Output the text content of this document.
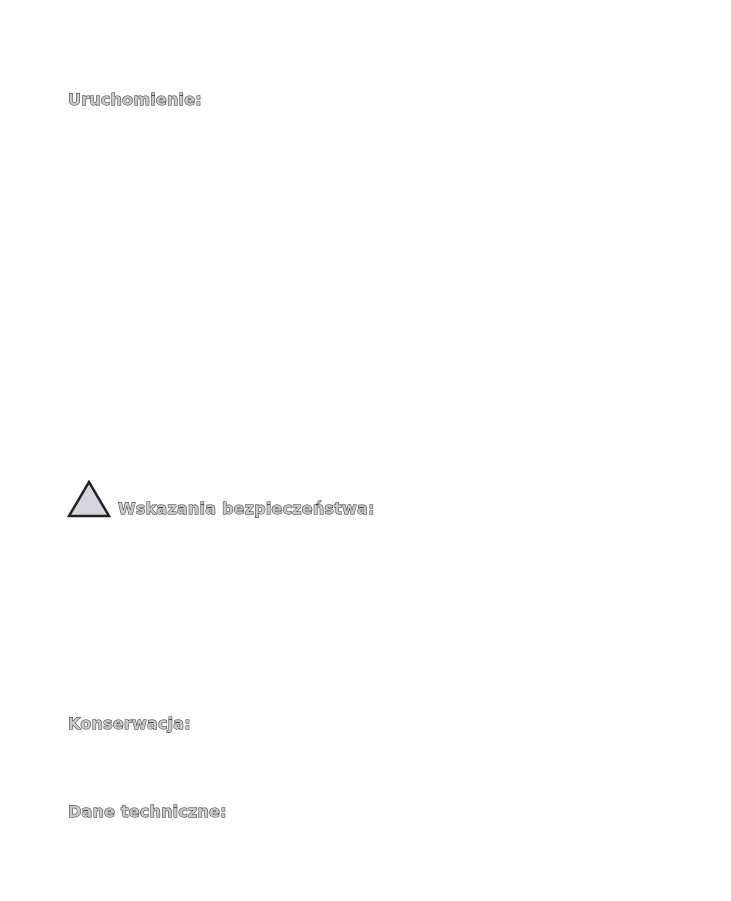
Uruchomienie:
Wskazania bezpieczeństwa:
Konserwacja:
Dane techniczne:
